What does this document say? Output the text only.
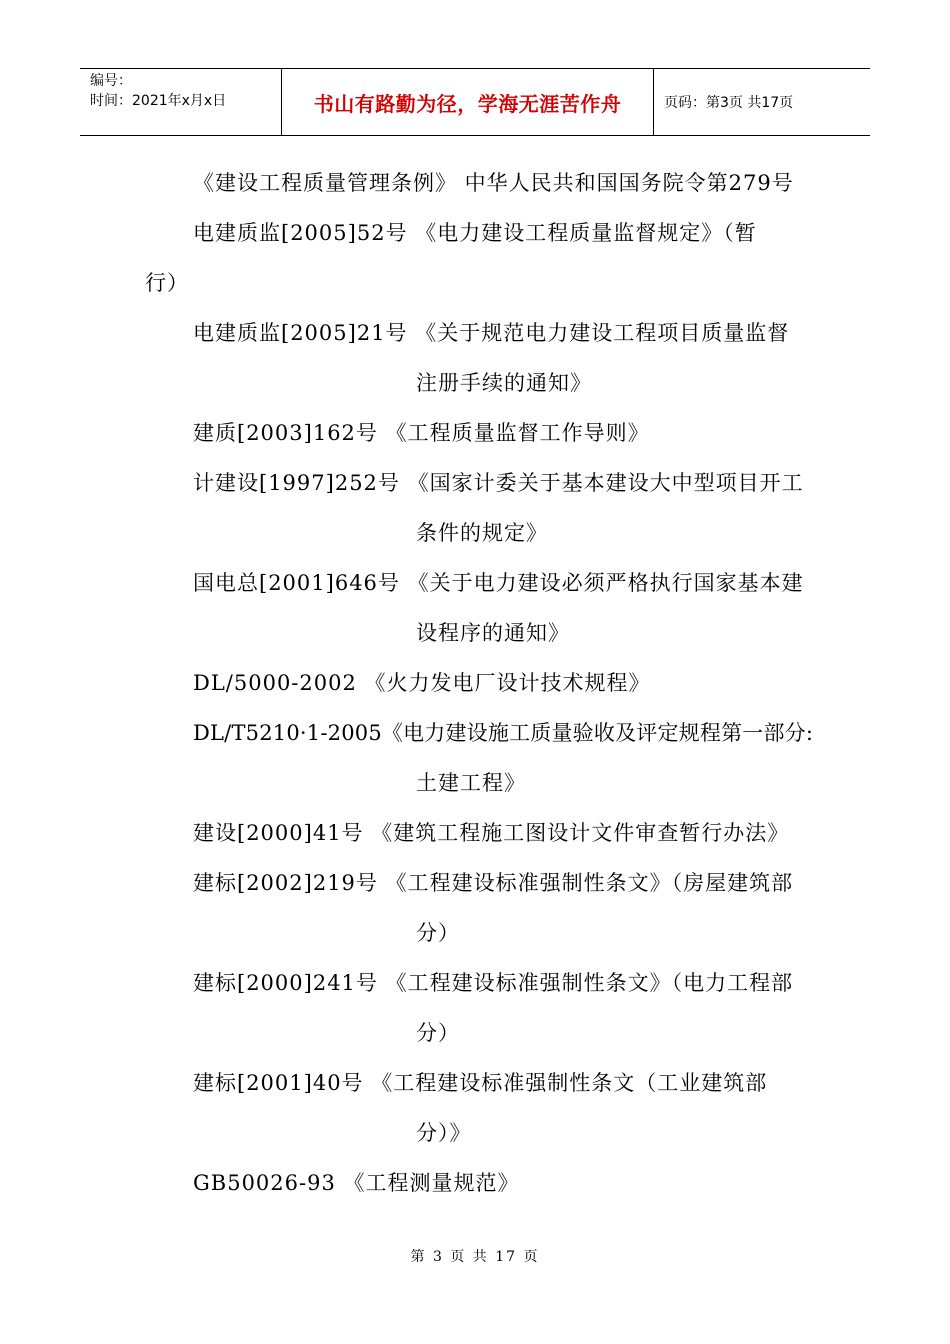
编号：
时间：2021年x月x日	书山有路勤为径，学海无涯苦作舟	页码：第3页 共17页
《建设工程质量管理条例》 中华人民共和国国务院令第279号
电建质监[2005]52号 《电力建设工程质量监督规定》（暂
行）
电建质监[2005]21号 《关于规范电力建设工程项目质量监督
注册手续的通知》
建质[2003]162号 《工程质量监督工作导则》
计建设[1997]252号 《国家计委关于基本建设大中型项目开工
条件的规定》
国电总[2001]646号 《关于电力建设必须严格执行国家基本建
设程序的通知》
DL/5000-2002 《火力发电厂设计技术规程》
DL/T5210·1-2005《电力建设施工质量验收及评定规程第一部分:
土建工程》
建设[2000]41号 《建筑工程施工图设计文件审查暂行办法》
建标[2002]219号 《工程建设标准强制性条文》（房屋建筑部
分）
建标[2000]241号 《工程建设标准强制性条文》（电力工程部
分）
建标[2001]40号 《工程建设标准强制性条文（工业建筑部
分）》
GB50026-93 《工程测量规范》
第 3 页 共 17 页
